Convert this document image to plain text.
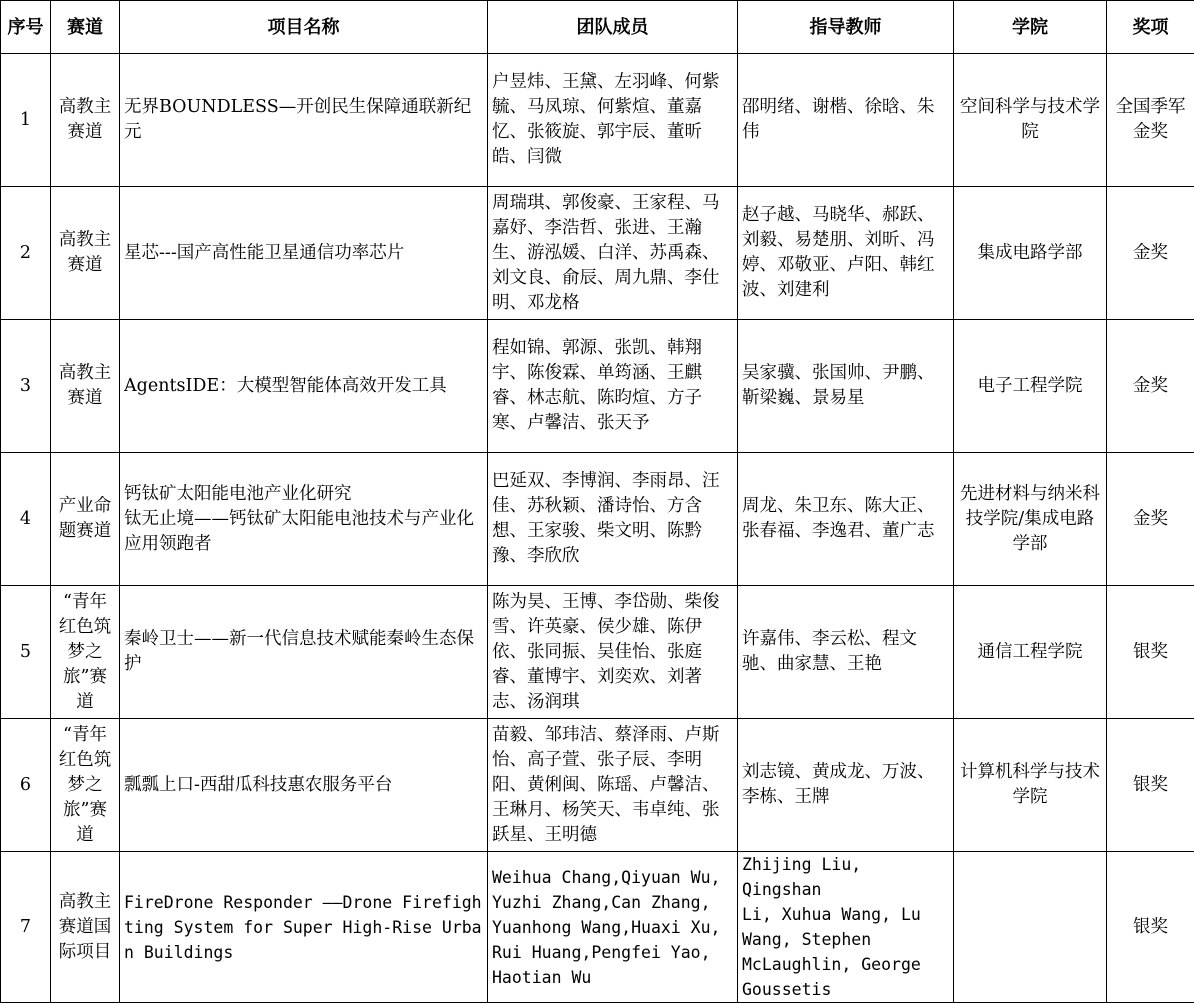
序号	赛道	项目名称	团队成员	指导教师	学院	奖项
1	高教主赛道	无界BOUNDLESS—开创民生保障通联新纪元	户昱炜、王黛、左羽峰、何紫毓、马凤琼、何紫煊、董嘉忆、张筱旋、郭宇辰、董昕皓、闫微	邵明绪、谢楷、徐晗、朱伟	空间科学与技术学院	全国季军金奖
2	高教主赛道	星芯---国产高性能卫星通信功率芯片	周瑞琪、郭俊豪、王家程、马嘉妤、李浩哲、张进、王瀚生、游泓媛、白洋、苏禹森、刘文良、俞辰、周九鼎、李仕明、邓龙格	赵子越、马晓华、郝跃、刘毅、易楚朋、刘昕、冯婷、邓敬亚、卢阳、韩红波、刘建利	集成电路学部	金奖
3	高教主赛道	AgentsIDE：大模型智能体高效开发工具	程如锦、郭源、张凯、韩翔宇、陈俊霖、单筠涵、王麒睿、林志航、陈昀煊、方子寒、卢馨洁、张天予	吴家骥、张国帅、尹鹏、靳梁巍、景易星	电子工程学院	金奖
4	产业命题赛道	钙钛矿太阳能电池产业化研究
钛无止境——钙钛矿太阳能电池技术与产业化应用领跑者	巴延双、李博润、李雨昂、汪佳、苏秋颖、潘诗怡、方含想、王家骏、柴文明、陈黔豫、李欣欣	周龙、朱卫东、陈大正、张春福、李逸君、董广志	先进材料与纳米科技学院/集成电路学部	金奖
5	“青年红色筑梦之旅”赛道	秦岭卫士——新一代信息技术赋能秦岭生态保护	陈为昊、王博、李岱勋、柴俊雪、许英豪、侯少雄、陈伊依、张同振、吴佳怡、张庭睿、董博宇、刘奕欢、刘著志、汤润琪	许嘉伟、李云松、程文驰、曲家慧、王艳	通信工程学院	银奖
6	“青年红色筑梦之旅”赛道	瓢瓢上口-西甜瓜科技惠农服务平台	苗毅、邹玮洁、蔡泽雨、卢斯怡、高子萱、张子辰、李明阳、黄俐闽、陈瑶、卢馨洁、王琳月、杨笑天、韦卓纯、张跃星、王明德	刘志镜、黄成龙、万波、李栋、王牌	计算机科学与技术学院	银奖
7	高教主赛道国际项目	FireDrone Responder ——Drone Firefighting System for Super High-Rise Urban Buildings	Weihua Chang,Qiyuan Wu,
Yuzhi Zhang,Can Zhang,
Yuanhong Wang,Huaxi Xu,
Rui Huang,Pengfei Yao,
Haotian Wu	Zhijing Liu, Qingshan
Li, Xuhua Wang, Lu
Wang, Stephen
McLaughlin, George
Goussetis		银奖
